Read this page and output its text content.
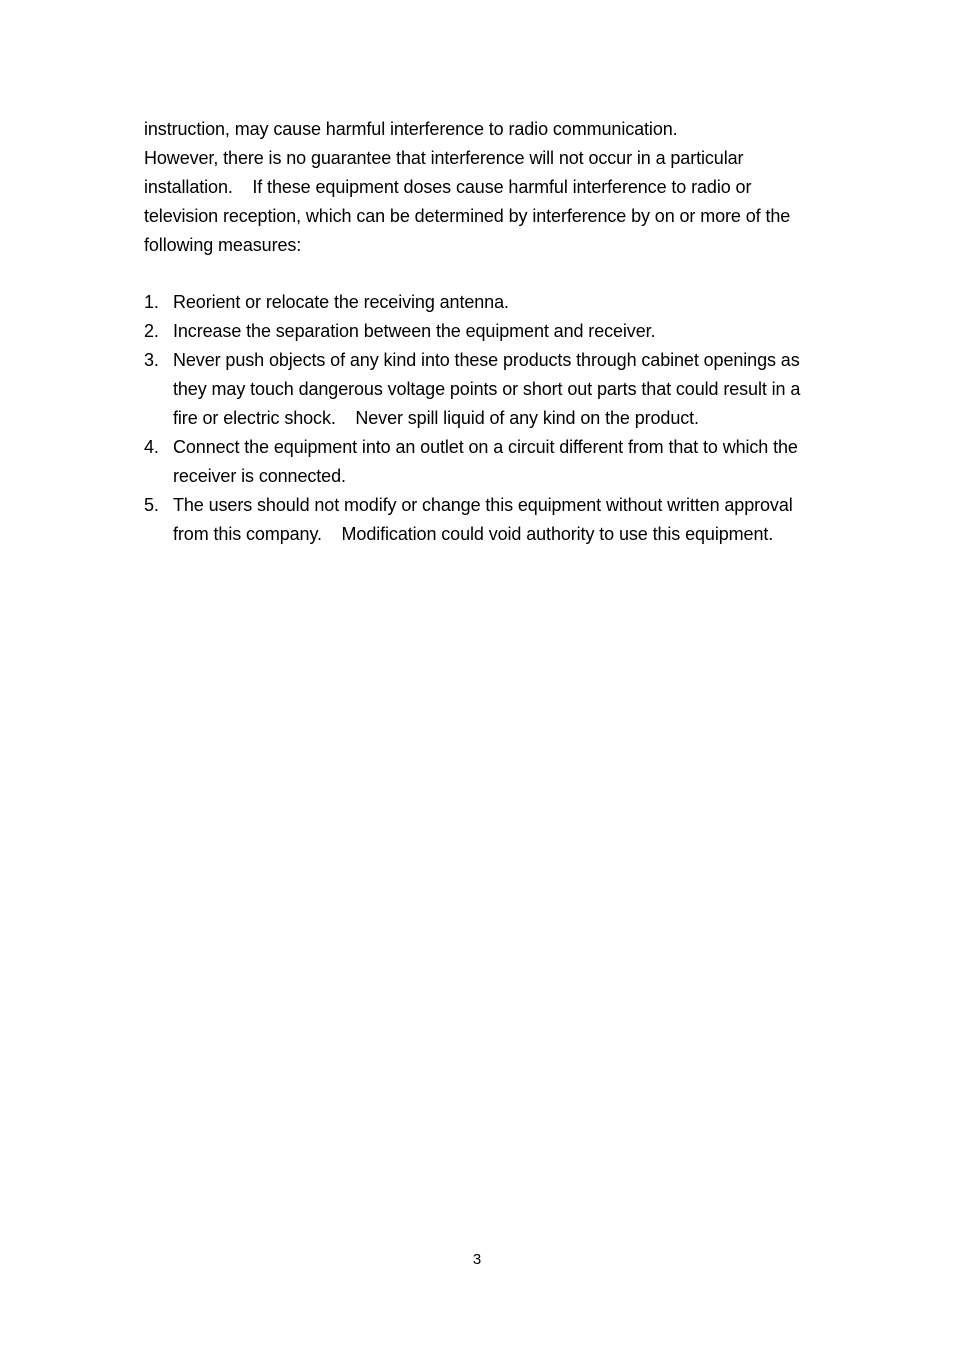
instruction, may cause harmful interference to radio communication.

However, there is no guarantee that interference will not occur in a particular installation.    If these equipment doses cause harmful interference to radio or television reception, which can be determined by interference by on or more of the following measures:

1. Reorient or relocate the receiving antenna.
2. Increase the separation between the equipment and receiver.
3. Never push objects of any kind into these products through cabinet openings as they may touch dangerous voltage points or short out parts that could result in a fire or electric shock.    Never spill liquid of any kind on the product.
4. Connect the equipment into an outlet on a circuit different from that to which the receiver is connected.
5. The users should not modify or change this equipment without written approval from this company.    Modification could void authority to use this equipment.
3
